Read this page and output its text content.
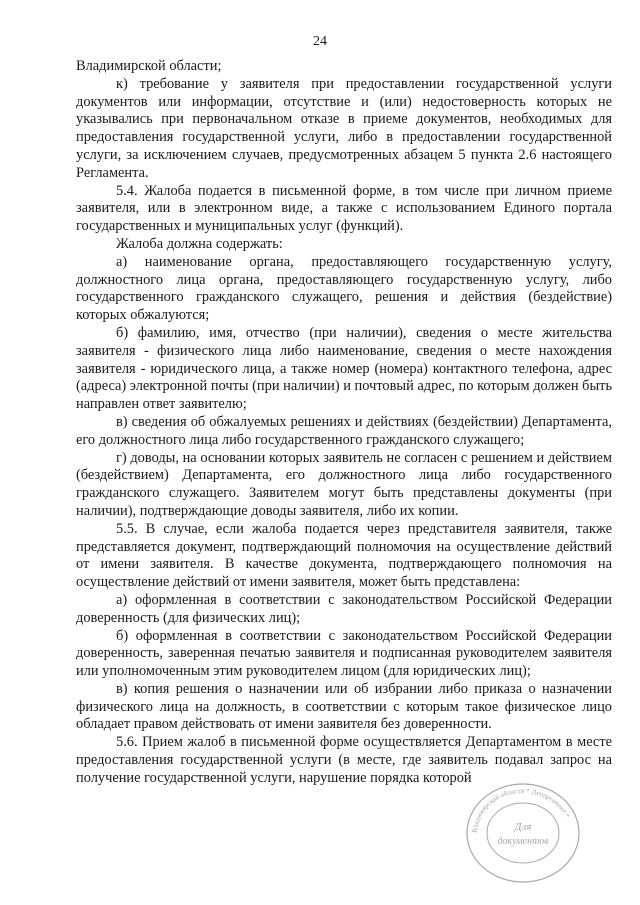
24

Владимирской области;

к) требование у заявителя при предоставлении государственной услуги документов или информации, отсутствие и (или) недостоверность которых не указывались при первоначальном отказе в приеме документов, необходимых для предоставления государственной услуги, либо в предоставлении государственной услуги, за исключением случаев, предусмотренных абзацем 5 пункта 2.6 настоящего Регламента.

5.4. Жалоба подается в письменной форме, в том числе при личном приеме заявителя, или в электронном виде, а также с использованием Единого портала государственных и муниципальных услуг (функций).

Жалоба должна содержать:

а) наименование органа, предоставляющего государственную услугу, должностного лица органа, предоставляющего государственную услугу, либо государственного гражданского служащего, решения и действия (бездействие) которых обжалуются;

б) фамилию, имя, отчество (при наличии), сведения о месте жительства заявителя - физического лица либо наименование, сведения о месте нахождения заявителя - юридического лица, а также номер (номера) контактного телефона, адрес (адреса) электронной почты (при наличии) и почтовый адрес, по которым должен быть направлен ответ заявителю;

в) сведения об обжалуемых решениях и действиях (бездействии) Департамента, его должностного лица либо государственного гражданского служащего;

г) доводы, на основании которых заявитель не согласен с решением и действием (бездействием) Департамента, его должностного лица либо государственного гражданского служащего. Заявителем могут быть представлены документы (при наличии), подтверждающие доводы заявителя, либо их копии.

5.5. В случае, если жалоба подается через представителя заявителя, также представляется документ, подтверждающий полномочия на осуществление действий от имени заявителя. В качестве документа, подтверждающего полномочия на осуществление действий от имени заявителя, может быть представлена:

а) оформленная в соответствии с законодательством Российской Федерации доверенность (для физических лиц);

б) оформленная в соответствии с законодательством Российской Федерации доверенность, заверенная печатью заявителя и подписанная руководителем заявителя или уполномоченным этим руководителем лицом (для юридических лиц);

в) копия решения о назначении или об избрании либо приказа о назначении физического лица на должность, в соответствии с которым такое физическое лицо обладает правом действовать от имени заявителя без доверенности.

5.6. Прием жалоб в письменной форме осуществляется Департаментом в месте предоставления государственной услуги (в месте, где заявитель подавал запрос на получение государственной услуги, нарушение порядка которой

Владимирской области * Департамент *
Для
документов
